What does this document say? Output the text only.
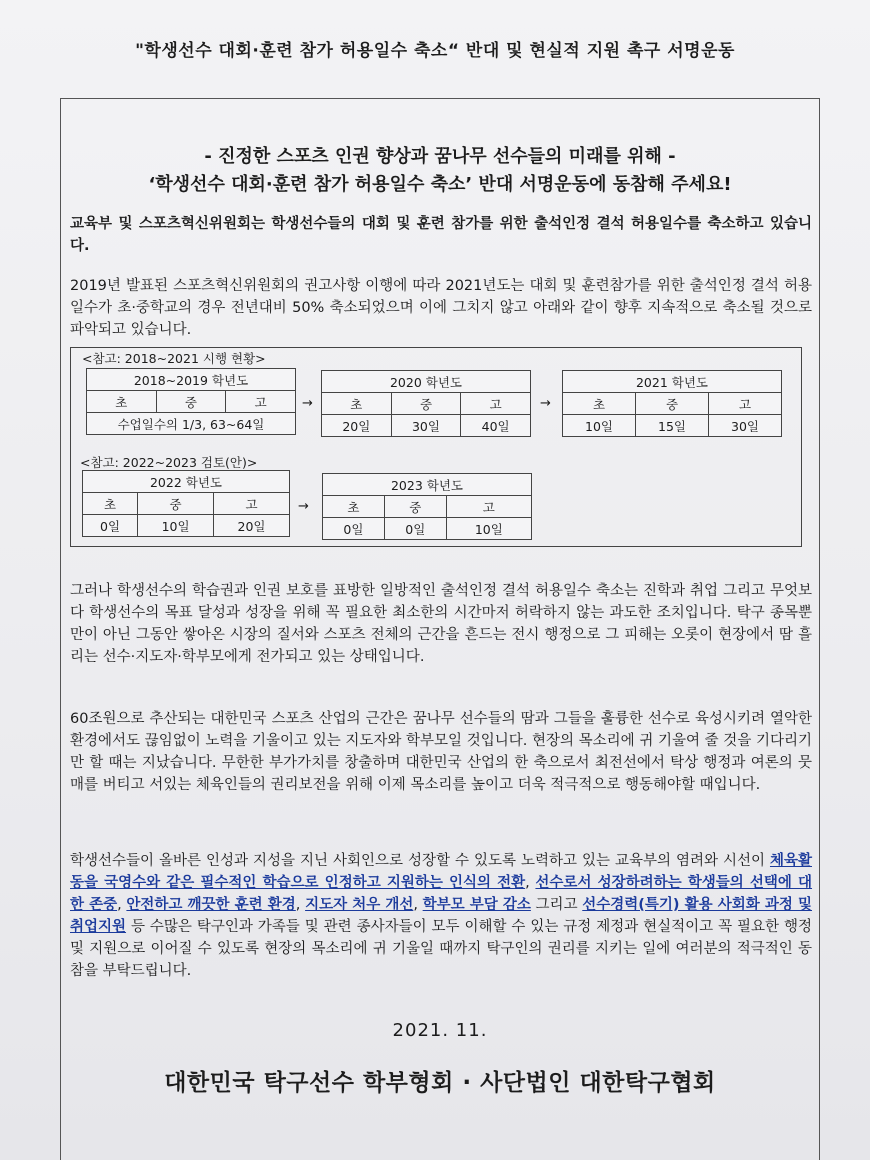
"학생선수 대회·훈련 참가 허용일수 축소“ 반대 및 현실적 지원 촉구 서명운동
- 진정한 스포츠 인권 향상과 꿈나무 선수들의 미래를 위해 -
‘학생선수 대회·훈련 참가 허용일수 축소’ 반대 서명운동에 동참해 주세요!
교육부 및 스포츠혁신위원회는 학생선수들의 대회 및 훈련 참가를 위한 출석인정 결석 허용일수를 축소하고 있습니다.
2019년 발표된 스포츠혁신위원회의 권고사항 이행에 따라 2021년도는 대회 및 훈련참가를 위한 출석인정 결석 허용일수가 초·중학교의 경우 전년대비 50% 축소되었으며 이에 그치지 않고 아래와 같이 향후 지속적으로 축소될 것으로 파악되고 있습니다.
<참고: 2018~2021 시행 현황>
2018~2019 학년도
초	중	고
수업일수의 1/3, 63~64일
→
2020 학년도		
초	중	고
20일	30일	40일
→
2021 학년도		
초	중	고
10일	15일	30일
<참고: 2022~2023 검토(안)>
2022 학년도		
초	중	고
0일	10일	20일
→
2023 학년도		
초	중	고
0일	0일	10일
그러나 학생선수의 학습권과 인권 보호를 표방한 일방적인 출석인정 결석 허용일수 축소는 진학과 취업 그리고 무엇보다 학생선수의 목표 달성과 성장을 위해 꼭 필요한 최소한의 시간마저 허락하지 않는 과도한 조치입니다. 탁구 종목뿐만이 아닌 그동안 쌓아온 시장의 질서와 스포츠 전체의 근간을 흔드는 전시 행정으로 그 피해는 오롯이 현장에서 땀 흘리는 선수·지도자·학부모에게 전가되고 있는 상태입니다.
60조원으로 추산되는 대한민국 스포츠 산업의 근간은 꿈나무 선수들의 땀과 그들을 훌륭한 선수로 육성시키려 열악한 환경에서도 끊임없이 노력을 기울이고 있는 지도자와 학부모일 것입니다. 현장의 목소리에 귀 기울여 줄 것을 기다리기만 할 때는 지났습니다. 무한한 부가가치를 창출하며 대한민국 산업의 한 축으로서 최전선에서 탁상 행정과 여론의 뭇매를 버티고 서있는 체육인들의 권리보전을 위해 이제 목소리를 높이고 더욱 적극적으로 행동해야할 때입니다.
학생선수들이 올바른 인성과 지성을 지닌 사회인으로 성장할 수 있도록 노력하고 있는 교육부의 염려와 시선이 체육활동을 국영수와 같은 필수적인 학습으로 인정하고 지원하는 인식의 전환, 선수로서 성장하려하는 학생들의 선택에 대한 존중, 안전하고 깨끗한 훈련 환경, 지도자 처우 개선, 학부모 부담 감소 그리고 선수경력(특기) 활용 사회화 과정 및 취업지원 등 수많은 탁구인과 가족들 및 관련 종사자들이 모두 이해할 수 있는 규정 제정과 현실적이고 꼭 필요한 행정 및 지원으로 이어질 수 있도록 현장의 목소리에 귀 기울일 때까지 탁구인의 권리를 지키는 일에 여러분의 적극적인 동참을 부탁드립니다.
2021. 11.
대한민국 탁구선수 학부형회 · 사단법인 대한탁구협회
